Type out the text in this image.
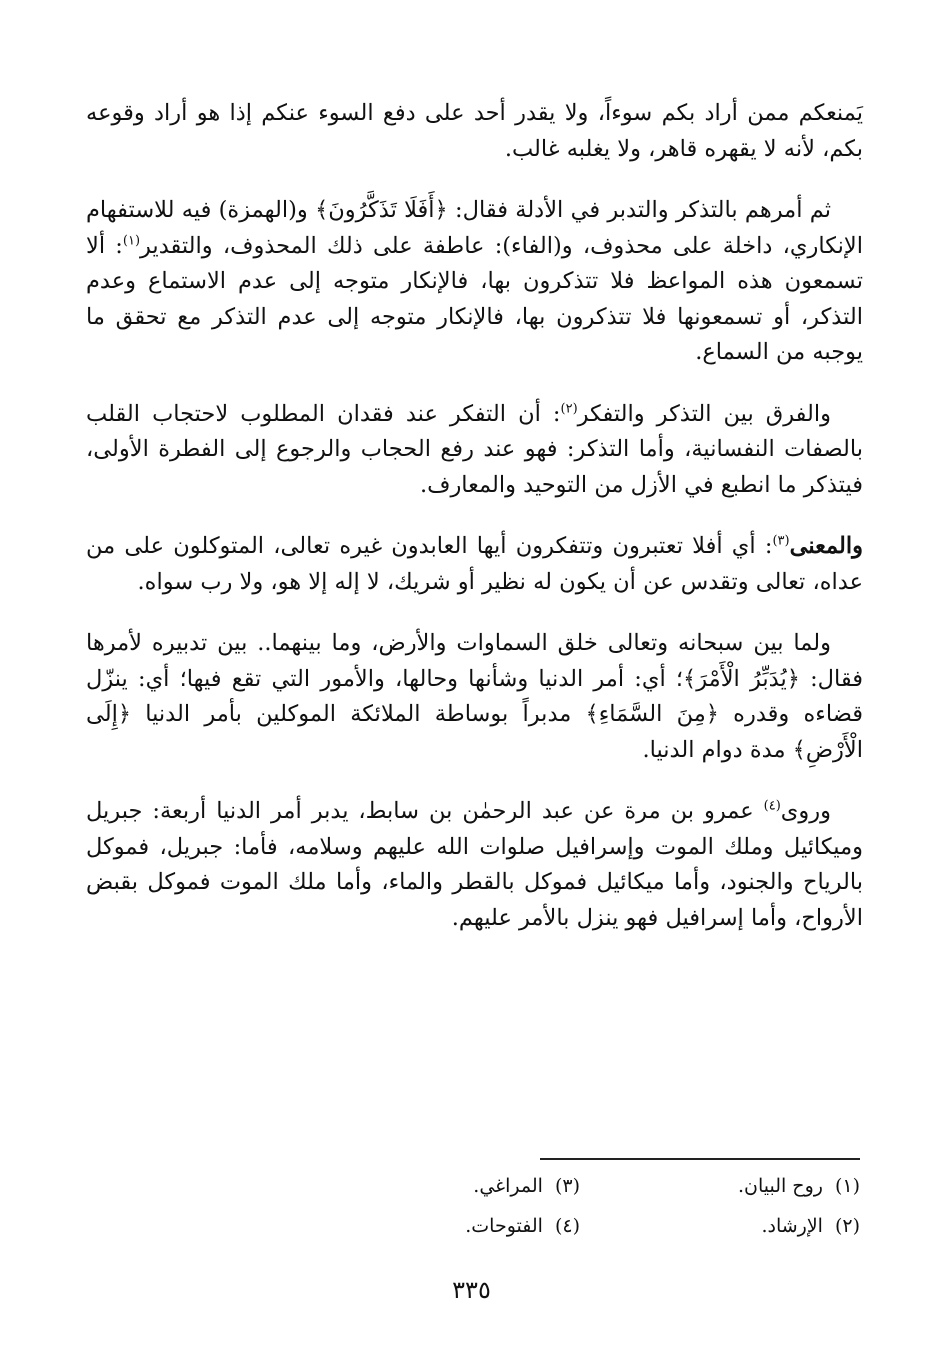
يَمنعكم ممن أراد بكم سوءاً، ولا يقدر أحد على دفع السوء عنكم إذا هو أراد وقوعه بكم، لأنه لا يقهره قاهر، ولا يغلبه غالب.

ثم أمرهم بالتذكر والتدبر في الأدلة فقال: ﴿أَفَلَا تَذَكَّرُونَ﴾ و(الهمزة) فيه للاستفهام الإنكاري، داخلة على محذوف، و(الفاء): عاطفة على ذلك المحذوف، والتقدير$^{(١)}$: ألا تسمعون هذه المواعظ فلا تتذكرون بها، فالإنكار متوجه إلى عدم الاستماع وعدم التذكر، أو تسمعونها فلا تتذكرون بها، فالإنكار متوجه إلى عدم التذكر مع تحقق ما يوجبه من السماع.

والفرق بين التذكر والتفكر$^{(٢)}$: أن التفكر عند فقدان المطلوب لاحتجاب القلب بالصفات النفسانية، وأما التذكر: فهو عند رفع الحجاب والرجوع إلى الفطرة الأولى، فيتذكر ما انطبع في الأزل من التوحيد والمعارف.

والمعنى$^{(٣)}$: أي أفلا تعتبرون وتتفكرون أيها العابدون غيره تعالى، المتوكلون على من عداه، تعالى وتقدس عن أن يكون له نظير أو شريك، لا إله إلا هو، ولا رب سواه.

ولما بين سبحانه وتعالى خلق السماوات والأرض، وما بينهما.. بين تدبيره لأمرها فقال: ﴿يُدَبِّرُ الْأَمْرَ﴾؛ أي: أمر الدنيا وشأنها وحالها، والأمور التي تقع فيها؛ أي: ينزّل قضاءه وقدره ﴿مِنَ السَّمَاءِ﴾ مدبراً بوساطة الملائكة الموكلين بأمر الدنيا ﴿إِلَى الْأَرْضِ﴾ مدة دوام الدنيا.

وروى$^{(٤)}$ عمرو بن مرة عن عبد الرحمٰن بن سابط، يدبر أمر الدنيا أربعة: جبريل وميكائيل وملك الموت وإسرافيل صلوات الله عليهم وسلامه، فأما: جبريل، فموكل بالرياح والجنود، وأما ميكائيل فموكل بالقطر والماء، وأما ملك الموت فموكل بقبض الأرواح، وأما إسرافيل فهو ينزل بالأمر عليهم.

(١)روح البيان.
(٣)المراغي.
(٢)الإرشاد.
(٤)الفتوحات.
٣٣٥
